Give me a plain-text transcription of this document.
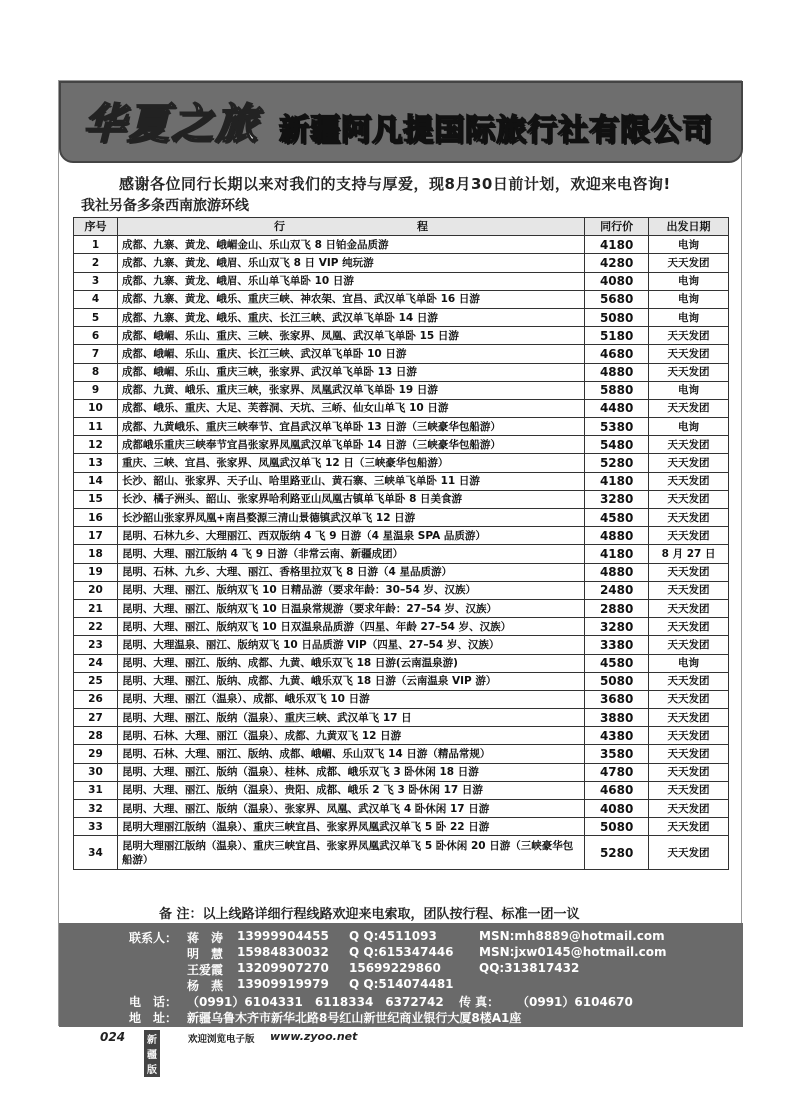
华夏之旅 新疆阿凡提国际旅行社有限公司
感谢各位同行长期以来对我们的支持与厚爱，现8月30日前计划，欢迎来电咨询!
我社另备多条西南旅游环线
序号	行　　　　　　　　　　　　程	同行价	出发日期
1	成都、九寨、黄龙、峨嵋金山、乐山双飞 8 日铂金品质游	4180	电询
2	成都、九寨、黄龙、峨眉、乐山双飞 8 日 VIP 纯玩游	4280	天天发团
3	成都、九寨、黄龙、峨眉、乐山单飞单卧 10 日游	4080	电询
4	成都、九寨、黄龙、峨乐、重庆三峡、神农架、宜昌、武汉单飞单卧 16 日游	5680	电询
5	成都、九寨、黄龙、峨乐、重庆、长江三峡、武汉单飞单卧 14 日游	5080	电询
6	成都、峨嵋、乐山、重庆、三峡、张家界、凤凰、武汉单飞单卧 15 日游	5180	天天发团
7	成都、峨嵋、乐山、重庆、长江三峡、武汉单飞单卧 10 日游	4680	天天发团
8	成都、峨嵋、乐山、重庆三峡，张家界、武汉单飞单卧 13 日游	4880	天天发团
9	成都、九黄、峨乐、重庆三峡，张家界、凤凰武汉单飞单卧 19 日游	5880	电询
10	成都、峨乐、重庆、大足、芙蓉洞、天坑、三峤、仙女山单飞 10 日游	4480	天天发团
11	成都、九黄峨乐、重庆三峡奉节、宜昌武汉单飞单卧 13 日游（三峡豪华包船游）	5380	电询
12	成都峨乐重庆三峡奉节宜昌张家界凤凰武汉单飞单卧 14 日游（三峡豪华包船游）	5480	天天发团
13	重庆、三峡、宜昌、张家界、凤凰武汉单飞 12 日（三峡豪华包船游）	5280	天天发团
14	长沙、韶山、张家界、天子山、哈里路亚山、黄石寨、三峡单飞单卧 11 日游	4180	天天发团
15	长沙、橘子洲头、韶山、张家界哈利路亚山凤凰古镇单飞单卧 8 日美食游	3280	天天发团
16	长沙韶山张家界凤凰+南昌婺源三清山景德镇武汉单飞 12 日游	4580	天天发团
17	昆明、石林九乡、大理丽江、西双版纳 4 飞 9 日游（4 星温泉 SPA 品质游）	4880	天天发团
18	昆明、大理、丽江版纳 4 飞 9 日游（非常云南、新疆成团）	4180	8 月 27 日
19	昆明、石林、九乡、大理、丽江、香格里拉双飞 8 日游（4 星品质游）	4880	天天发团
20	昆明、大理、丽江、版纳双飞 10 日精品游（要求年龄：30–54 岁、汉族）	2480	天天发团
21	昆明、大理、丽江、版纳双飞 10 日温泉常规游（要求年龄：27–54 岁、汉族）	2880	天天发团
22	昆明、大理、丽江、版纳双飞 10 日双温泉品质游（四星、年龄 27–54 岁、汉族）	3280	天天发团
23	昆明、大理温泉、丽江、版纳双飞 10 日品质游 VIP（四星、27–54 岁、汉族）	3380	天天发团
24	昆明、大理、丽江、版纳、成都、九黄、峨乐双飞 18 日游(云南温泉游)	4580	电询
25	昆明、大理、丽江、版纳、成都、九黄、峨乐双飞 18 日游（云南温泉 VIP 游）	5080	天天发团
26	昆明、大理、丽江（温泉）、成都、峨乐双飞 10 日游	3680	天天发团
27	昆明、大理、丽江、版纳（温泉）、重庆三峡、武汉单飞 17 日	3880	天天发团
28	昆明、石林、大理、丽江（温泉）、成都、九黄双飞 12 日游	4380	天天发团
29	昆明、石林、大理、丽江、版纳、成都、峨嵋、乐山双飞 14 日游（精品常规）	3580	天天发团
30	昆明、大理、丽江、版纳（温泉）、桂林、成都、峨乐双飞 3 卧休闲 18 日游	4780	天天发团
31	昆明、大理、丽江、版纳（温泉）、贵阳、成都、峨乐 2 飞 3 卧休闲 17 日游	4680	天天发团
32	昆明、大理、丽江、版纳（温泉）、张家界、凤凰、武汉单飞 4 卧休闲 17 日游	4080	天天发团
33	昆明大理丽江版纳（温泉）、重庆三峡宜昌、张家界凤凰武汉单飞 5 卧 22 日游	5080	天天发团
34	昆明大理丽江版纳（温泉）、重庆三峡宜昌、张家界凤凰武汉单飞 5 卧休闲 20 日游（三峡豪华包船游）	5280	天天发团
备 注：以上线路详细行程线路欢迎来电索取，团队按行程、标准一团一议
联系人： 蒋　涛 13999904455 Q Q:4511093	MSN:mh8889@hotmail.com
明　慧 15984830032 Q Q:615347446 MSN:jxw0145@hotmail.com
王爱霞 13209907270 15699229860	QQ:313817432
杨　燕 13909919979 Q Q:514074481
电　话： （0991）6104331　6118334　6372742 传 真： （0991）6104670
地　址： 新疆乌鲁木齐市新华北路8号红山新世纪商业银行大厦8楼A1座
024	新疆版
欢迎浏览电子版 www.zyoo.net
